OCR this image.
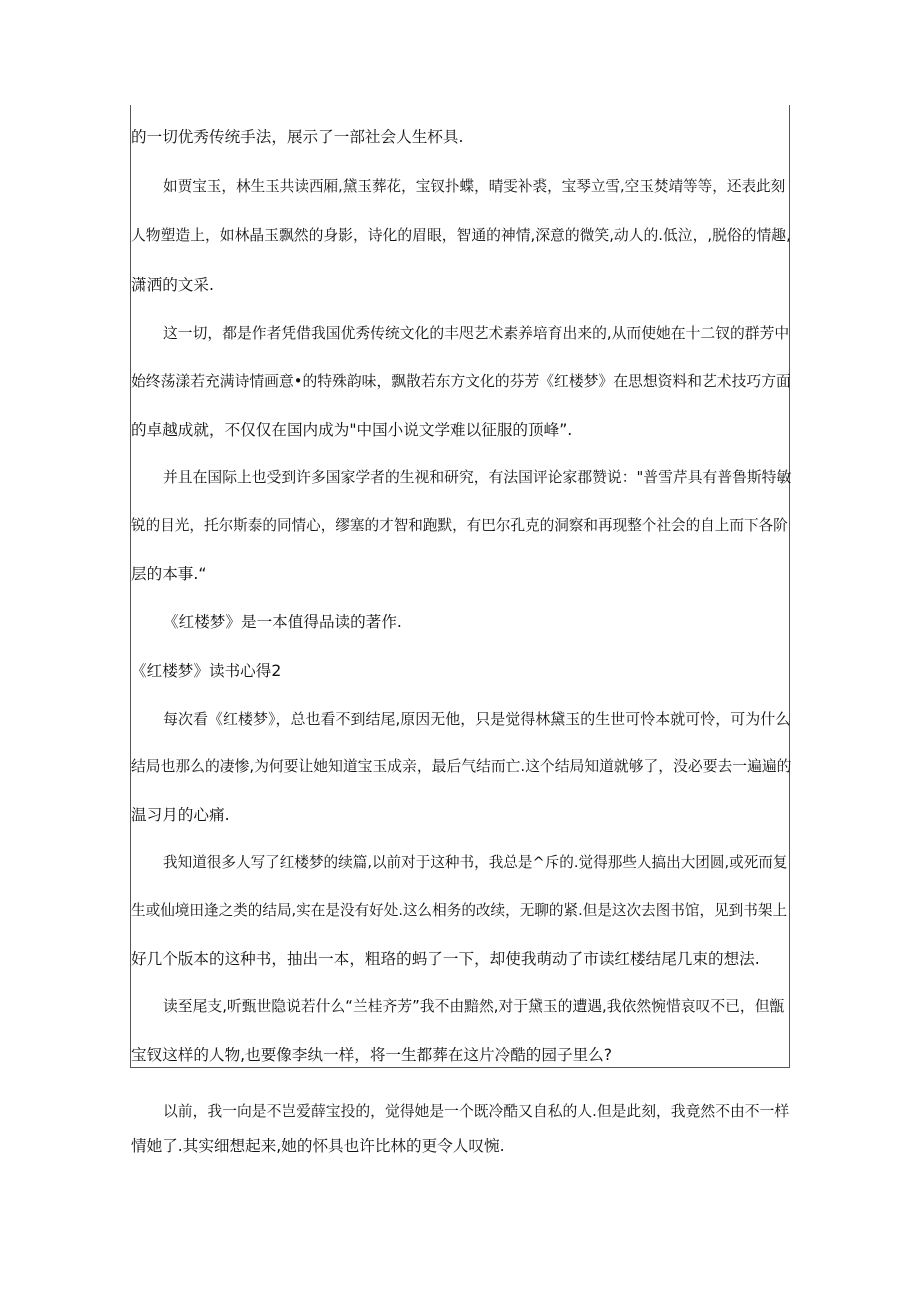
的一切优秀传统手法，展示了一部社会人生杯具.
如贾宝玉，林生玉共读西厢,黛玉葬花，宝钗扑蝶，晴雯补裘，宝琴立雪,空玉焚靖等等，还表此刻
人物塑造上，如林晶玉飘然的身影，诗化的眉眼，智通的神情,深意的微笑,动人的.低泣，,脱俗的情趣,
潇洒的文采.
这一切，都是作者凭借我国优秀传统文化的丰咫艺术素养培育出来的,从而使她在十二钗的群芳中
始终荡漾若充满诗情画意•的特殊韵味，飘散若东方文化的芬芳《红楼梦》在思想资料和艺术技巧方面
的卓越成就，不仅仅在国内成为"中国小说文学难以征服的顶峰”.
并且在国际上也受到许多国家学者的生视和研究，有法国评论家郡赞说："普雪芹具有普鲁斯特敏
锐的目光，托尔斯泰的同情心，缪塞的才智和跑默，有巴尔孔克的洞察和再现整个社会的自上而下各阶
层的本事.“
《红楼梦》是一本值得品读的著作.
《红楼梦》读书心得2
每次看《红楼梦》，总也看不到结尾,原因无他，只是觉得林黛玉的生世可怜本就可怜，可为什么
结局也那么的凄惨,为何要让她知道宝玉成亲，最后气结而亡.这个结局知道就够了，没必要去一遍遍的
温习月的心痛.
我知道很多人写了红楼梦的续篇,以前对于这种书，我总是^斥的.觉得那些人搞出大团圆,或死而复
生或仙境田逢之类的结局,实在是没有好处.这么相务的改续，无聊的紧.但是这次去图书馆，见到书架上
好几个版本的这种书，抽出一本，粗珞的蚂了一下，却使我萌动了市读红楼结尾几束的想法.
读至尾支,听甄世隐说若什么“兰桂齐芳”我不由黯然,对于黛玉的遭遇,我依然惋惜哀叹不已，但甑
宝钗这样的人物,也要像李纨一样，将一生都葬在这片冷酷的园子里么?
以前，我一向是不岂爱薛宝投的，觉得她是一个既冷酷又自私的人.但是此刻，我竟然不由不一样
情她了.其实细想起来,她的怀具也许比林的更令人叹惋.
